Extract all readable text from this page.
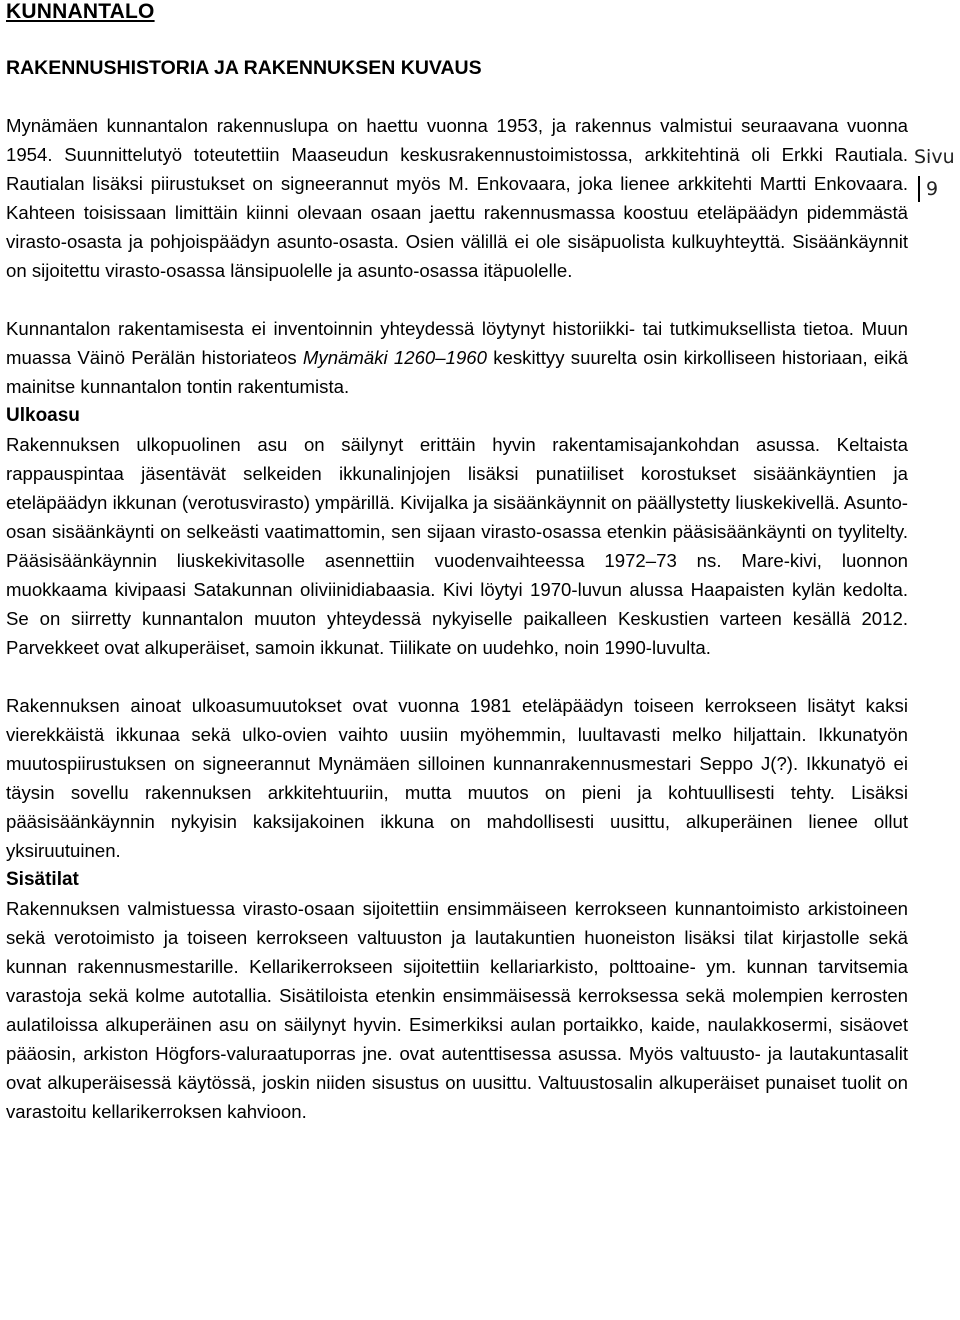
KUNNANTALO
RAKENNUSHISTORIA JA RAKENNUKSEN KUVAUS

Mynämäen kunnantalon rakennuslupa on haettu vuonna 1953, ja rakennus valmistui seuraavana vuonna 1954. Suunnittelutyö toteutettiin Maaseudun keskusrakennustoimistossa, arkkitehtinä oli Erkki Rautiala. Rautialan lisäksi piirustukset on signeerannut myös M. Enkovaara, joka lienee arkkitehti Martti Enkovaara. Kahteen toisissaan limittäin kiinni olevaan osaan jaettu rakennusmassa koostuu eteläpäädyn pidemmästä virasto-osasta ja pohjoispäädyn asunto-osasta. Osien välillä ei ole sisäpuolista kulkuyhteyttä. Sisäänkäynnit on sijoitettu virasto-osassa länsipuolelle ja asunto-osassa itäpuolelle.

Kunnantalon rakentamisesta ei inventoinnin yhteydessä löytynyt historiikki- tai tutkimuksellista tietoa. Muun muassa Väinö Perälän historiateos Mynämäki 1260–1960 keskittyy suurelta osin kirkolliseen historiaan, eikä mainitse kunnantalon tontin rakentumista.

Ulkoasu

Rakennuksen ulkopuolinen asu on säilynyt erittäin hyvin rakentamisajankohdan asussa. Keltaista rappauspintaa jäsentävät selkeiden ikkunalinjojen lisäksi punatiiliset korostukset sisäänkäyntien ja eteläpäädyn ikkunan (verotusvirasto) ympärillä. Kivijalka ja sisäänkäynnit on päällystetty liuskekivellä. Asunto-osan sisäänkäynti on selkeästi vaatimattomin, sen sijaan virasto-osassa etenkin pääsisäänkäynti on tyylitelty. Pääsisäänkäynnin liuskekivitasolle asennettiin vuodenvaihteessa 1972–73 ns. Mare-kivi, luonnon muokkaama kivipaasi Satakunnan oliviinidiabaasia. Kivi löytyi 1970-luvun alussa Haapaisten kylän kedolta. Se on siirretty kunnantalon muuton yhteydessä nykyiselle paikalleen Keskustien varteen kesällä 2012. Parvekkeet ovat alkuperäiset, samoin ikkunat. Tiilikate on uudehko, noin 1990-luvulta.

Rakennuksen ainoat ulkoasumuutokset ovat vuonna 1981 eteläpäädyn toiseen kerrokseen lisätyt kaksi vierekkäistä ikkunaa sekä ulko-ovien vaihto uusiin myöhemmin, luultavasti melko hiljattain. Ikkunatyön muutospiirustuksen on signeerannut Mynämäen silloinen kunnanrakennusmestari Seppo J(?). Ikkunatyö ei täysin sovellu rakennuksen arkkitehtuuriin, mutta muutos on pieni ja kohtuullisesti tehty. Lisäksi pääsisäänkäynnin nykyisin kaksijakoinen ikkuna on mahdollisesti uusittu, alkuperäinen lienee ollut yksiruutuinen.

Sisätilat

Rakennuksen valmistuessa virasto-osaan sijoitettiin ensimmäiseen kerrokseen kunnantoimisto arkistoineen sekä verotoimisto ja toiseen kerrokseen valtuuston ja lautakuntien huoneiston lisäksi tilat kirjastolle sekä kunnan rakennusmestarille. Kellarikerrokseen sijoitettiin kellariarkisto, polttoaine- ym. kunnan tarvitsemia varastoja sekä kolme autotallia. Sisätiloista etenkin ensimmäisessä kerroksessa sekä molempien kerrosten aulatiloissa alkuperäinen asu on säilynyt hyvin. Esimerkiksi aulan portaikko, kaide, naulakkosermi, sisäovet pääosin, arkiston Högfors-valuraatuporras jne. ovat autenttisessa asussa. Myös valtuusto- ja lautakuntasalit ovat alkuperäisessä käytössä, joskin niiden sisustus on uusittu. Valtuustosalin alkuperäiset punaiset tuolit on varastoitu kellarikerroksen kahvioon.

Sivu
9
